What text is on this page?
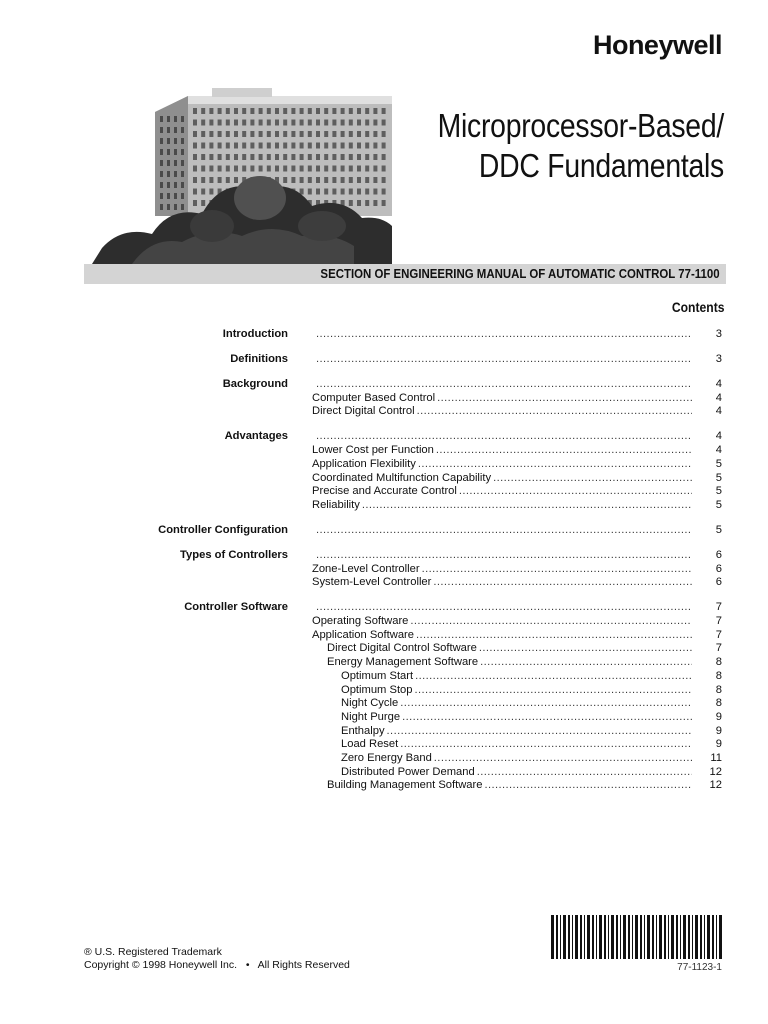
Honeywell
Microprocessor-Based/
DDC Fundamentals
SECTION OF ENGINEERING MANUAL OF AUTOMATIC CONTROL 77-1100
Contents
Introduction .....	3
Definitions .....	3
Background .....	4
Computer Based Control .....	4
Direct Digital Control .....	4
Advantages .....	4
Lower Cost per Function .....	4
Application Flexibility .....	5
Coordinated Multifunction Capability .....	5
Precise and Accurate Control .....	5
Reliability .....	5
Controller Configuration .....	5
Types of Controllers .....	6
Zone-Level Controller .....	6
System-Level Controller .....	6
Controller Software .....	7
Operating Software .....	7
Application Software .....	7
Direct Digital Control Software .....	7
Energy Management Software .....	8
Optimum Start .....	8
Optimum Stop .....	8
Night Cycle .....	8
Night Purge .....	9
Enthalpy .....	9
Load Reset .....	9
Zero Energy Band .....	11
Distributed Power Demand .....	12
Building Management Software .....	12
® U.S. Registered Trademark
Copyright © 1998 Honeywell Inc.   •   All Rights Reserved	77-1123-1
